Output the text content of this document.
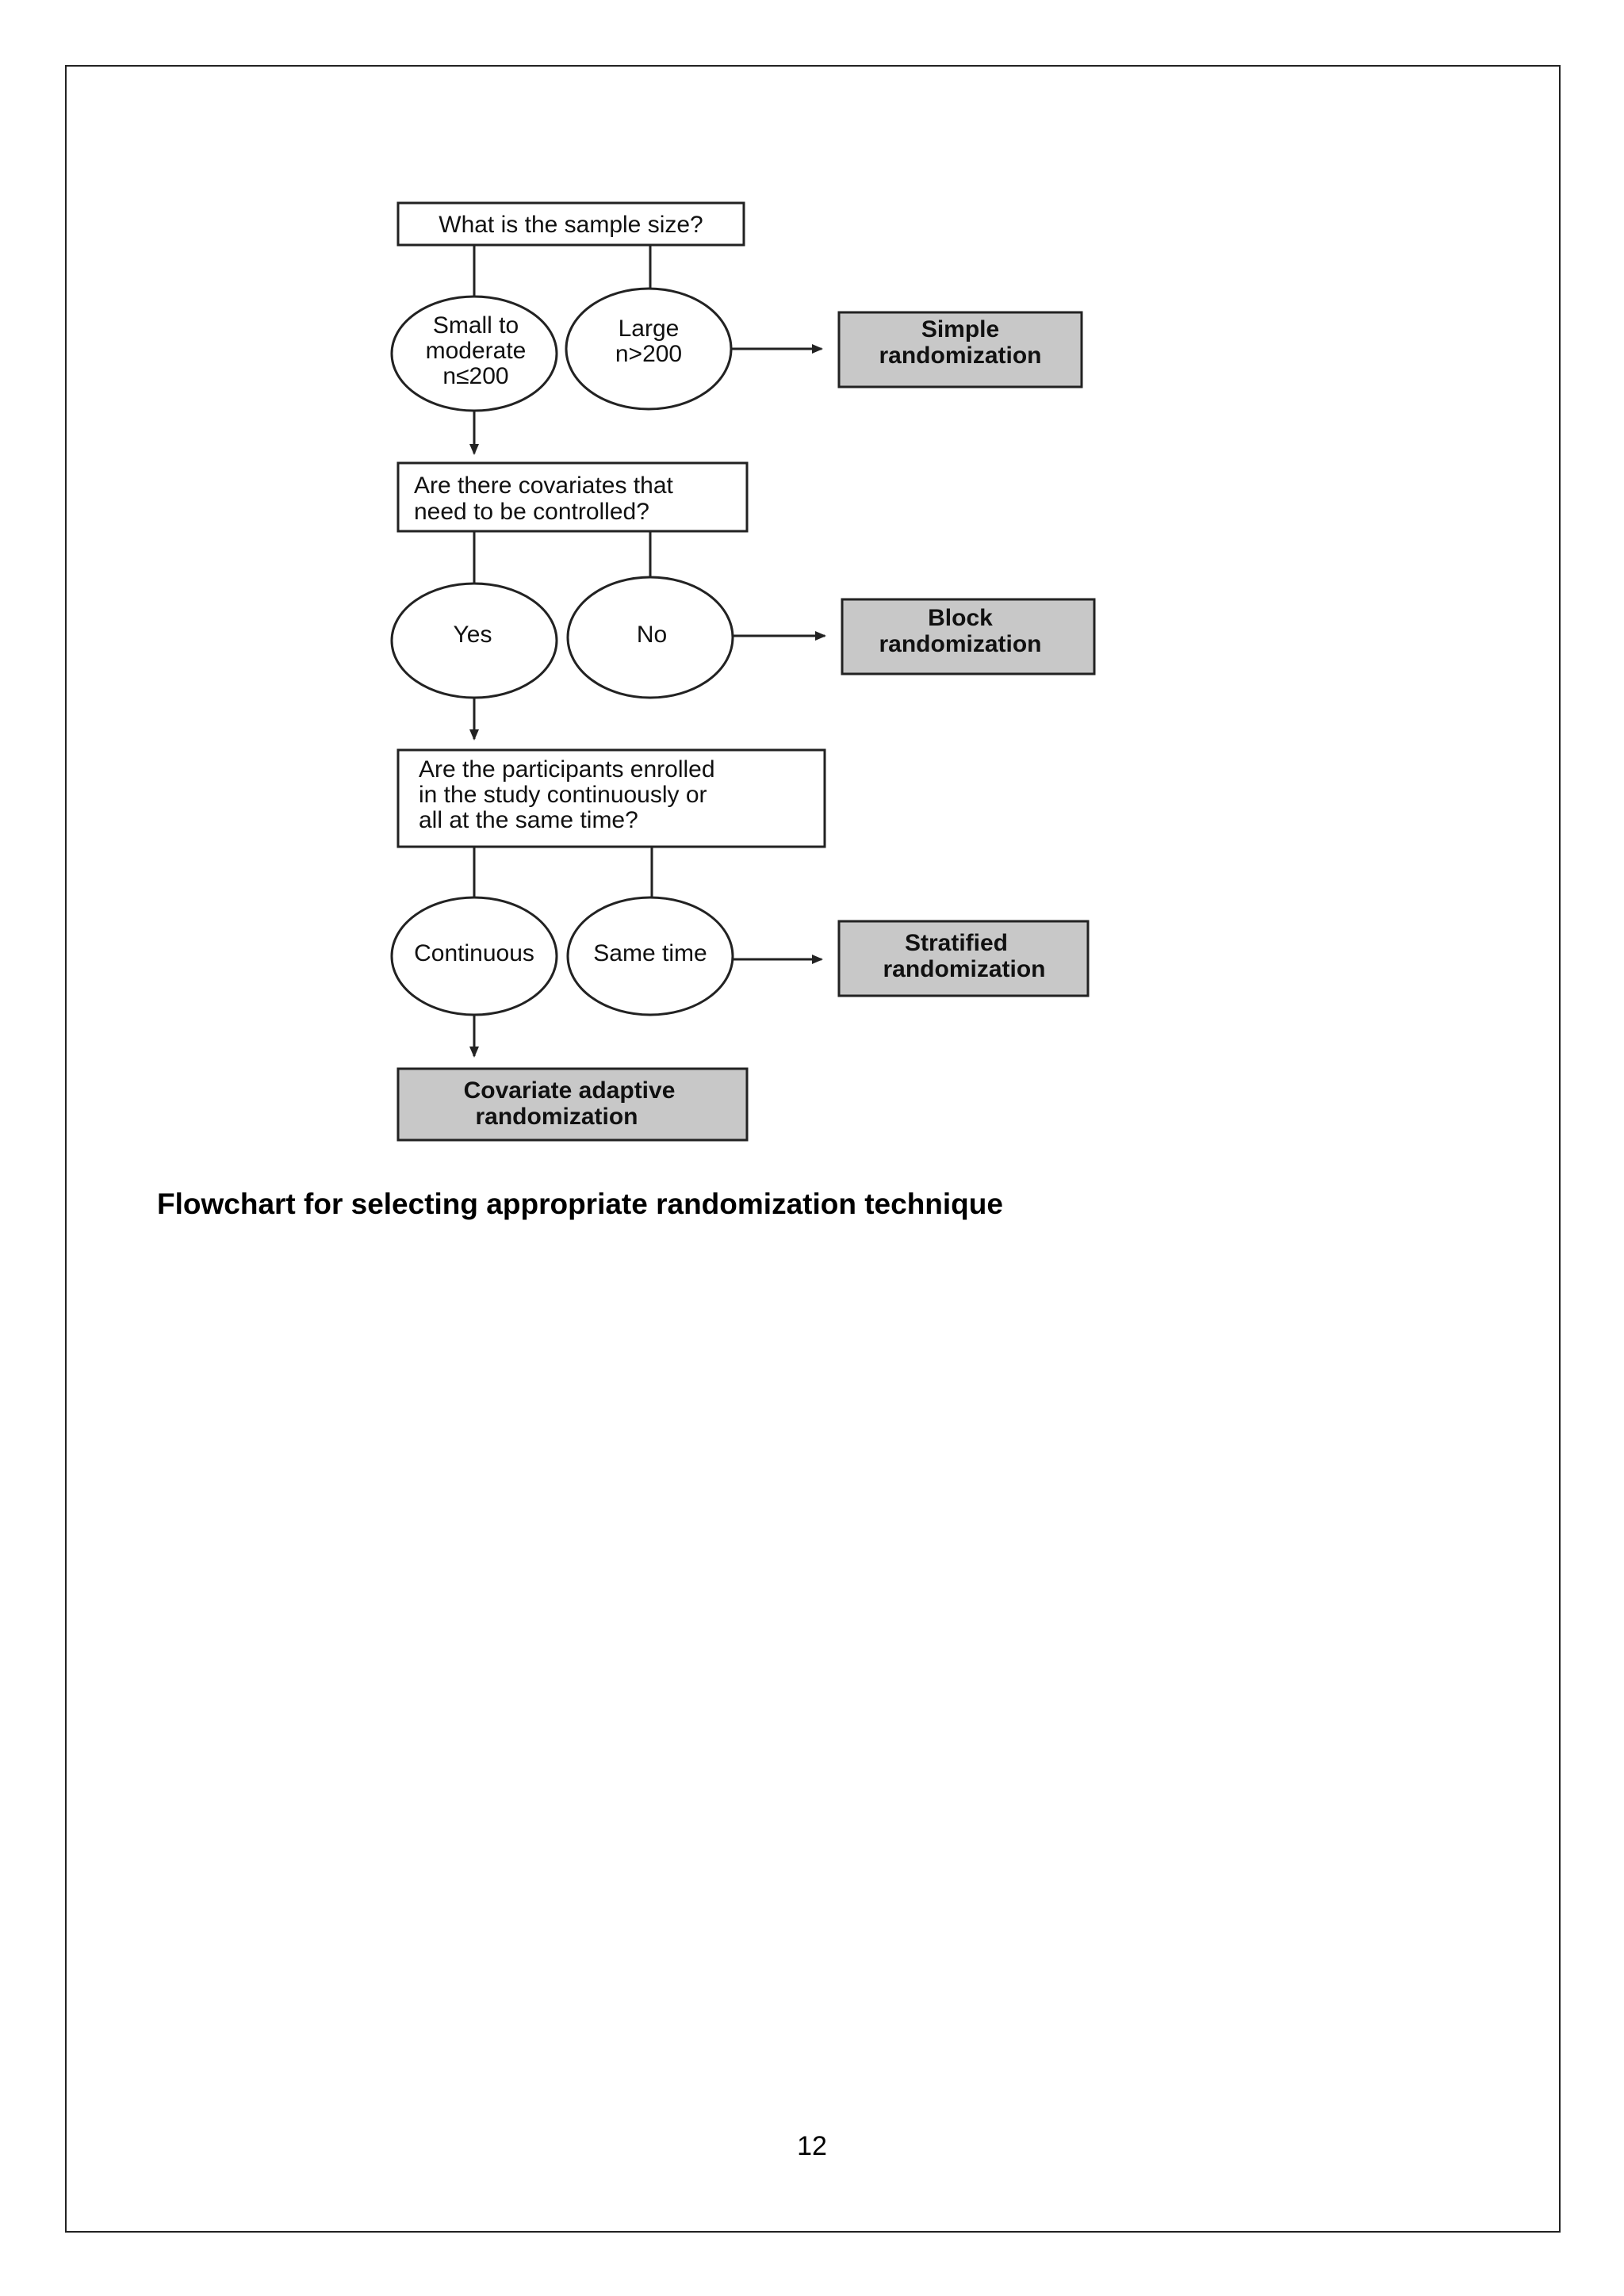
What is the sample size?
Small to
moderate
n≤200
Large
n>200
Simple
randomization
Are there covariates that
need to be controlled?
Yes	No
Block
randomization
Are the participants enrolled
in the study continuously or
all at the same time?
Continuous Same time	Stratified
randomization
Covariate adaptive
randomization
Flowchart for selecting appropriate randomization technique
12
